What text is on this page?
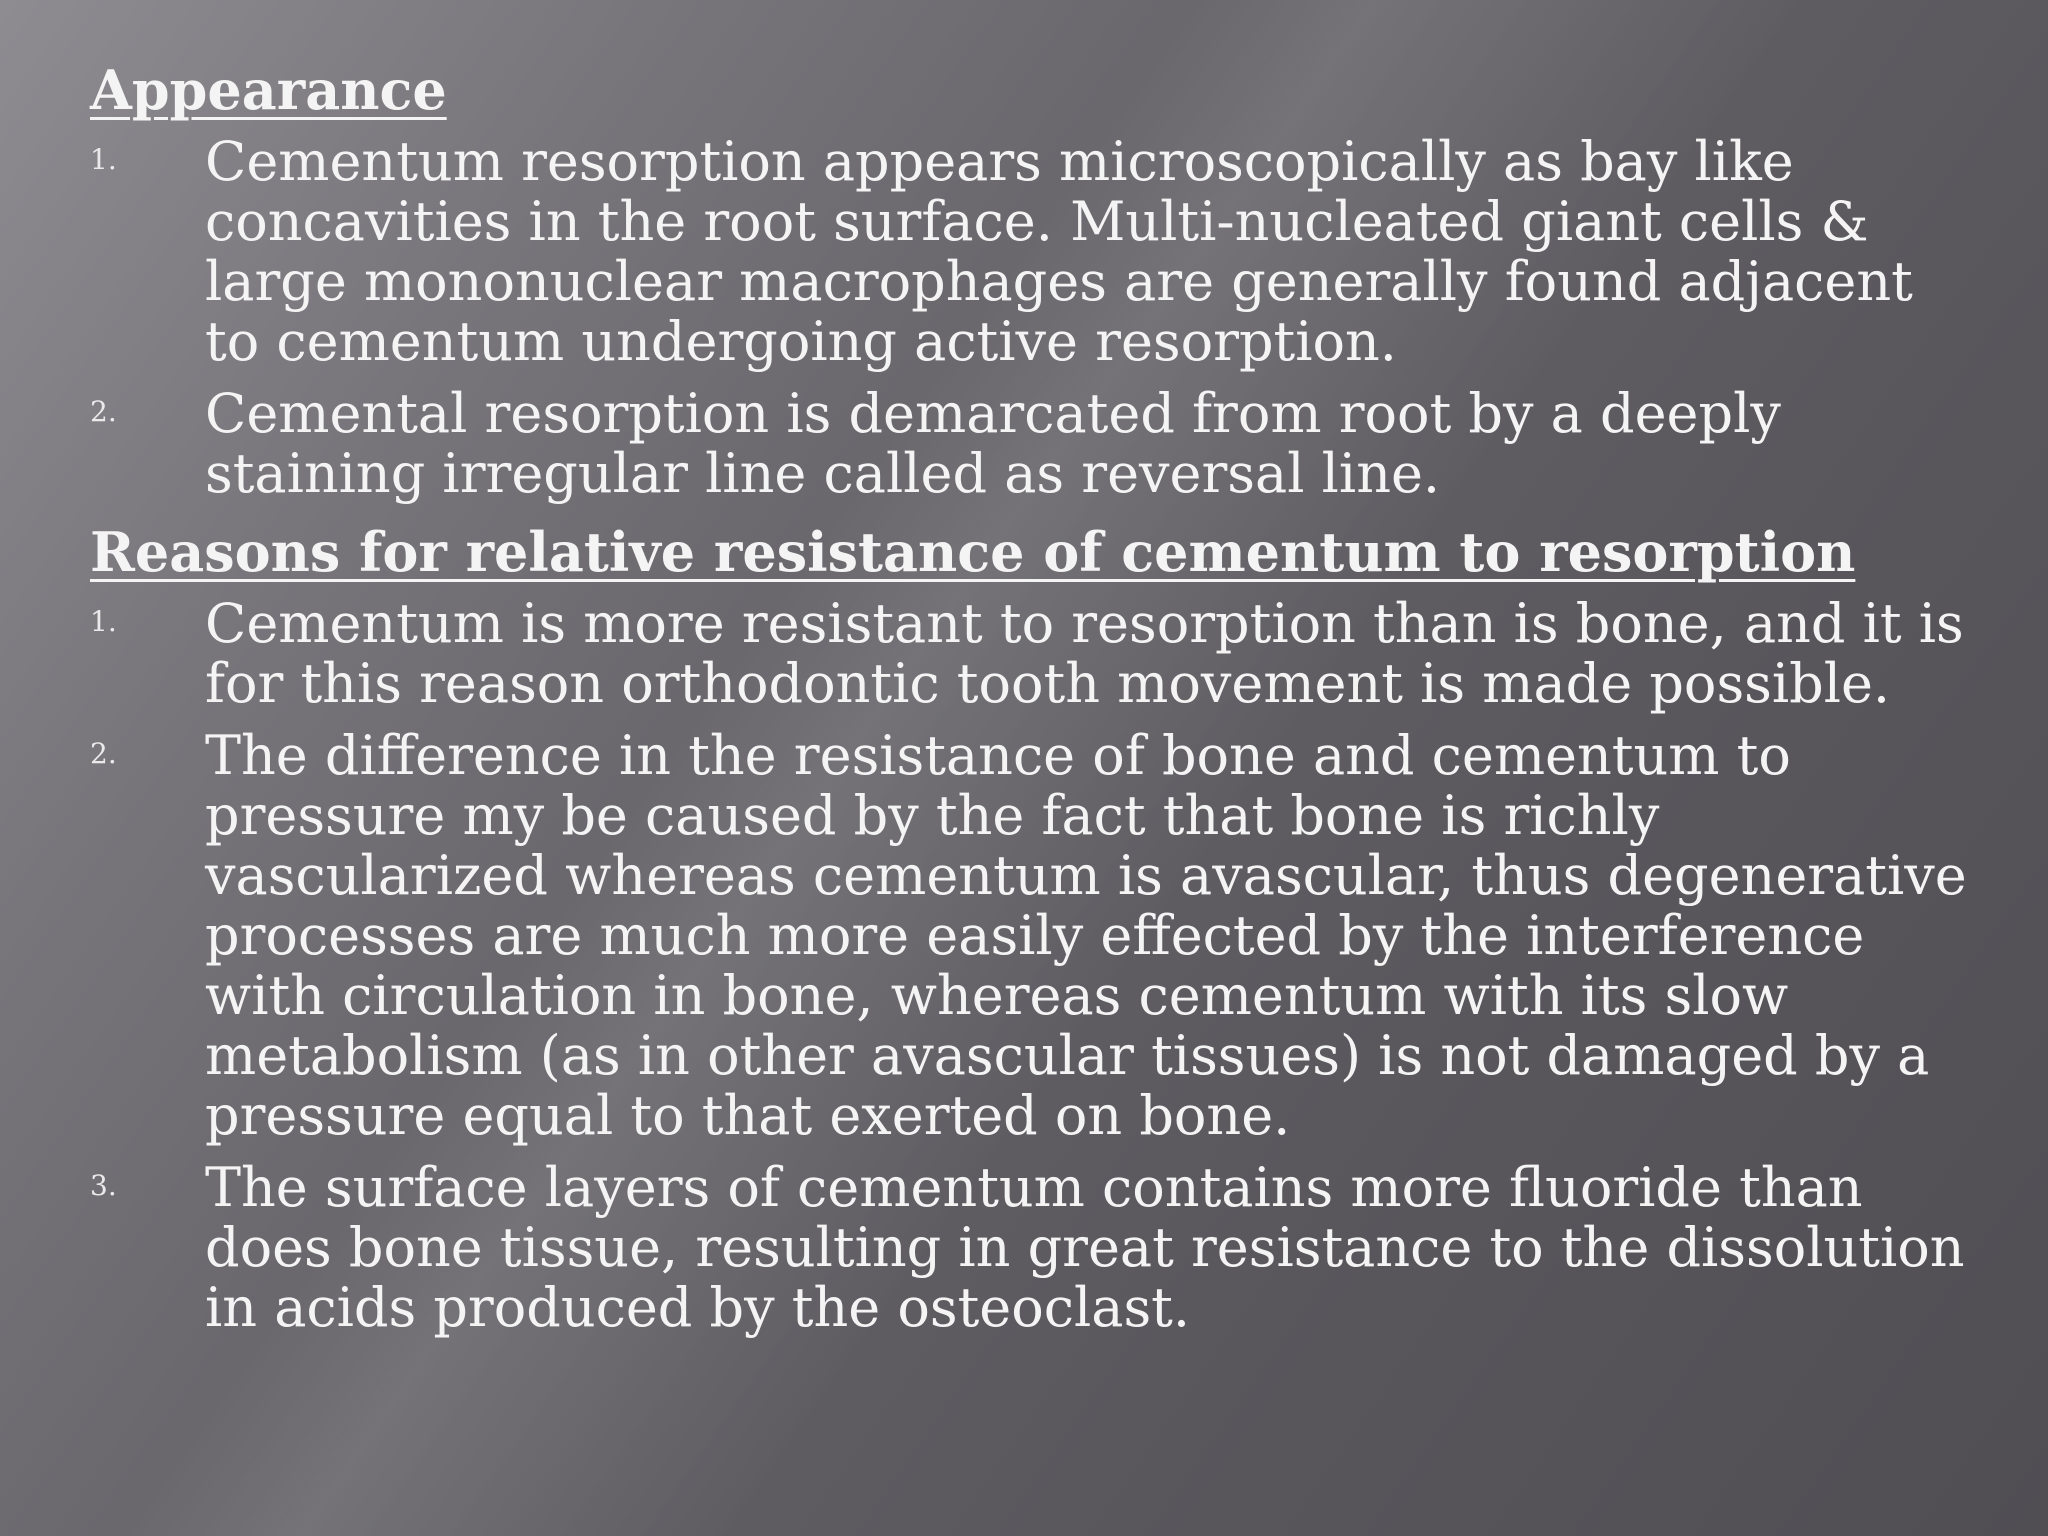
Appearance
1. Cementum resorption appears microscopically as bay like concavities in the root surface. Multi-nucleated giant cells & large mononuclear macrophages are generally found adjacent to cementum undergoing active resorption.
2. Cemental resorption is demarcated from root by a deeply staining irregular line called as reversal line.
Reasons for relative resistance of cementum to resorption
1. Cementum is more resistant to resorption than is bone, and it is for this reason orthodontic tooth movement is made possible.
2. The difference in the resistance of bone and cementum to pressure my be caused by the fact that bone is richly vascularized whereas cementum is avascular, thus degenerative processes are much more easily effected by the interference with circulation in bone, whereas cementum with its slow metabolism (as in other avascular tissues) is not damaged by a pressure equal to that exerted on bone.
3. The surface layers of cementum contains more fluoride than does bone tissue, resulting in great resistance to the dissolution in acids produced by the osteoclast.
